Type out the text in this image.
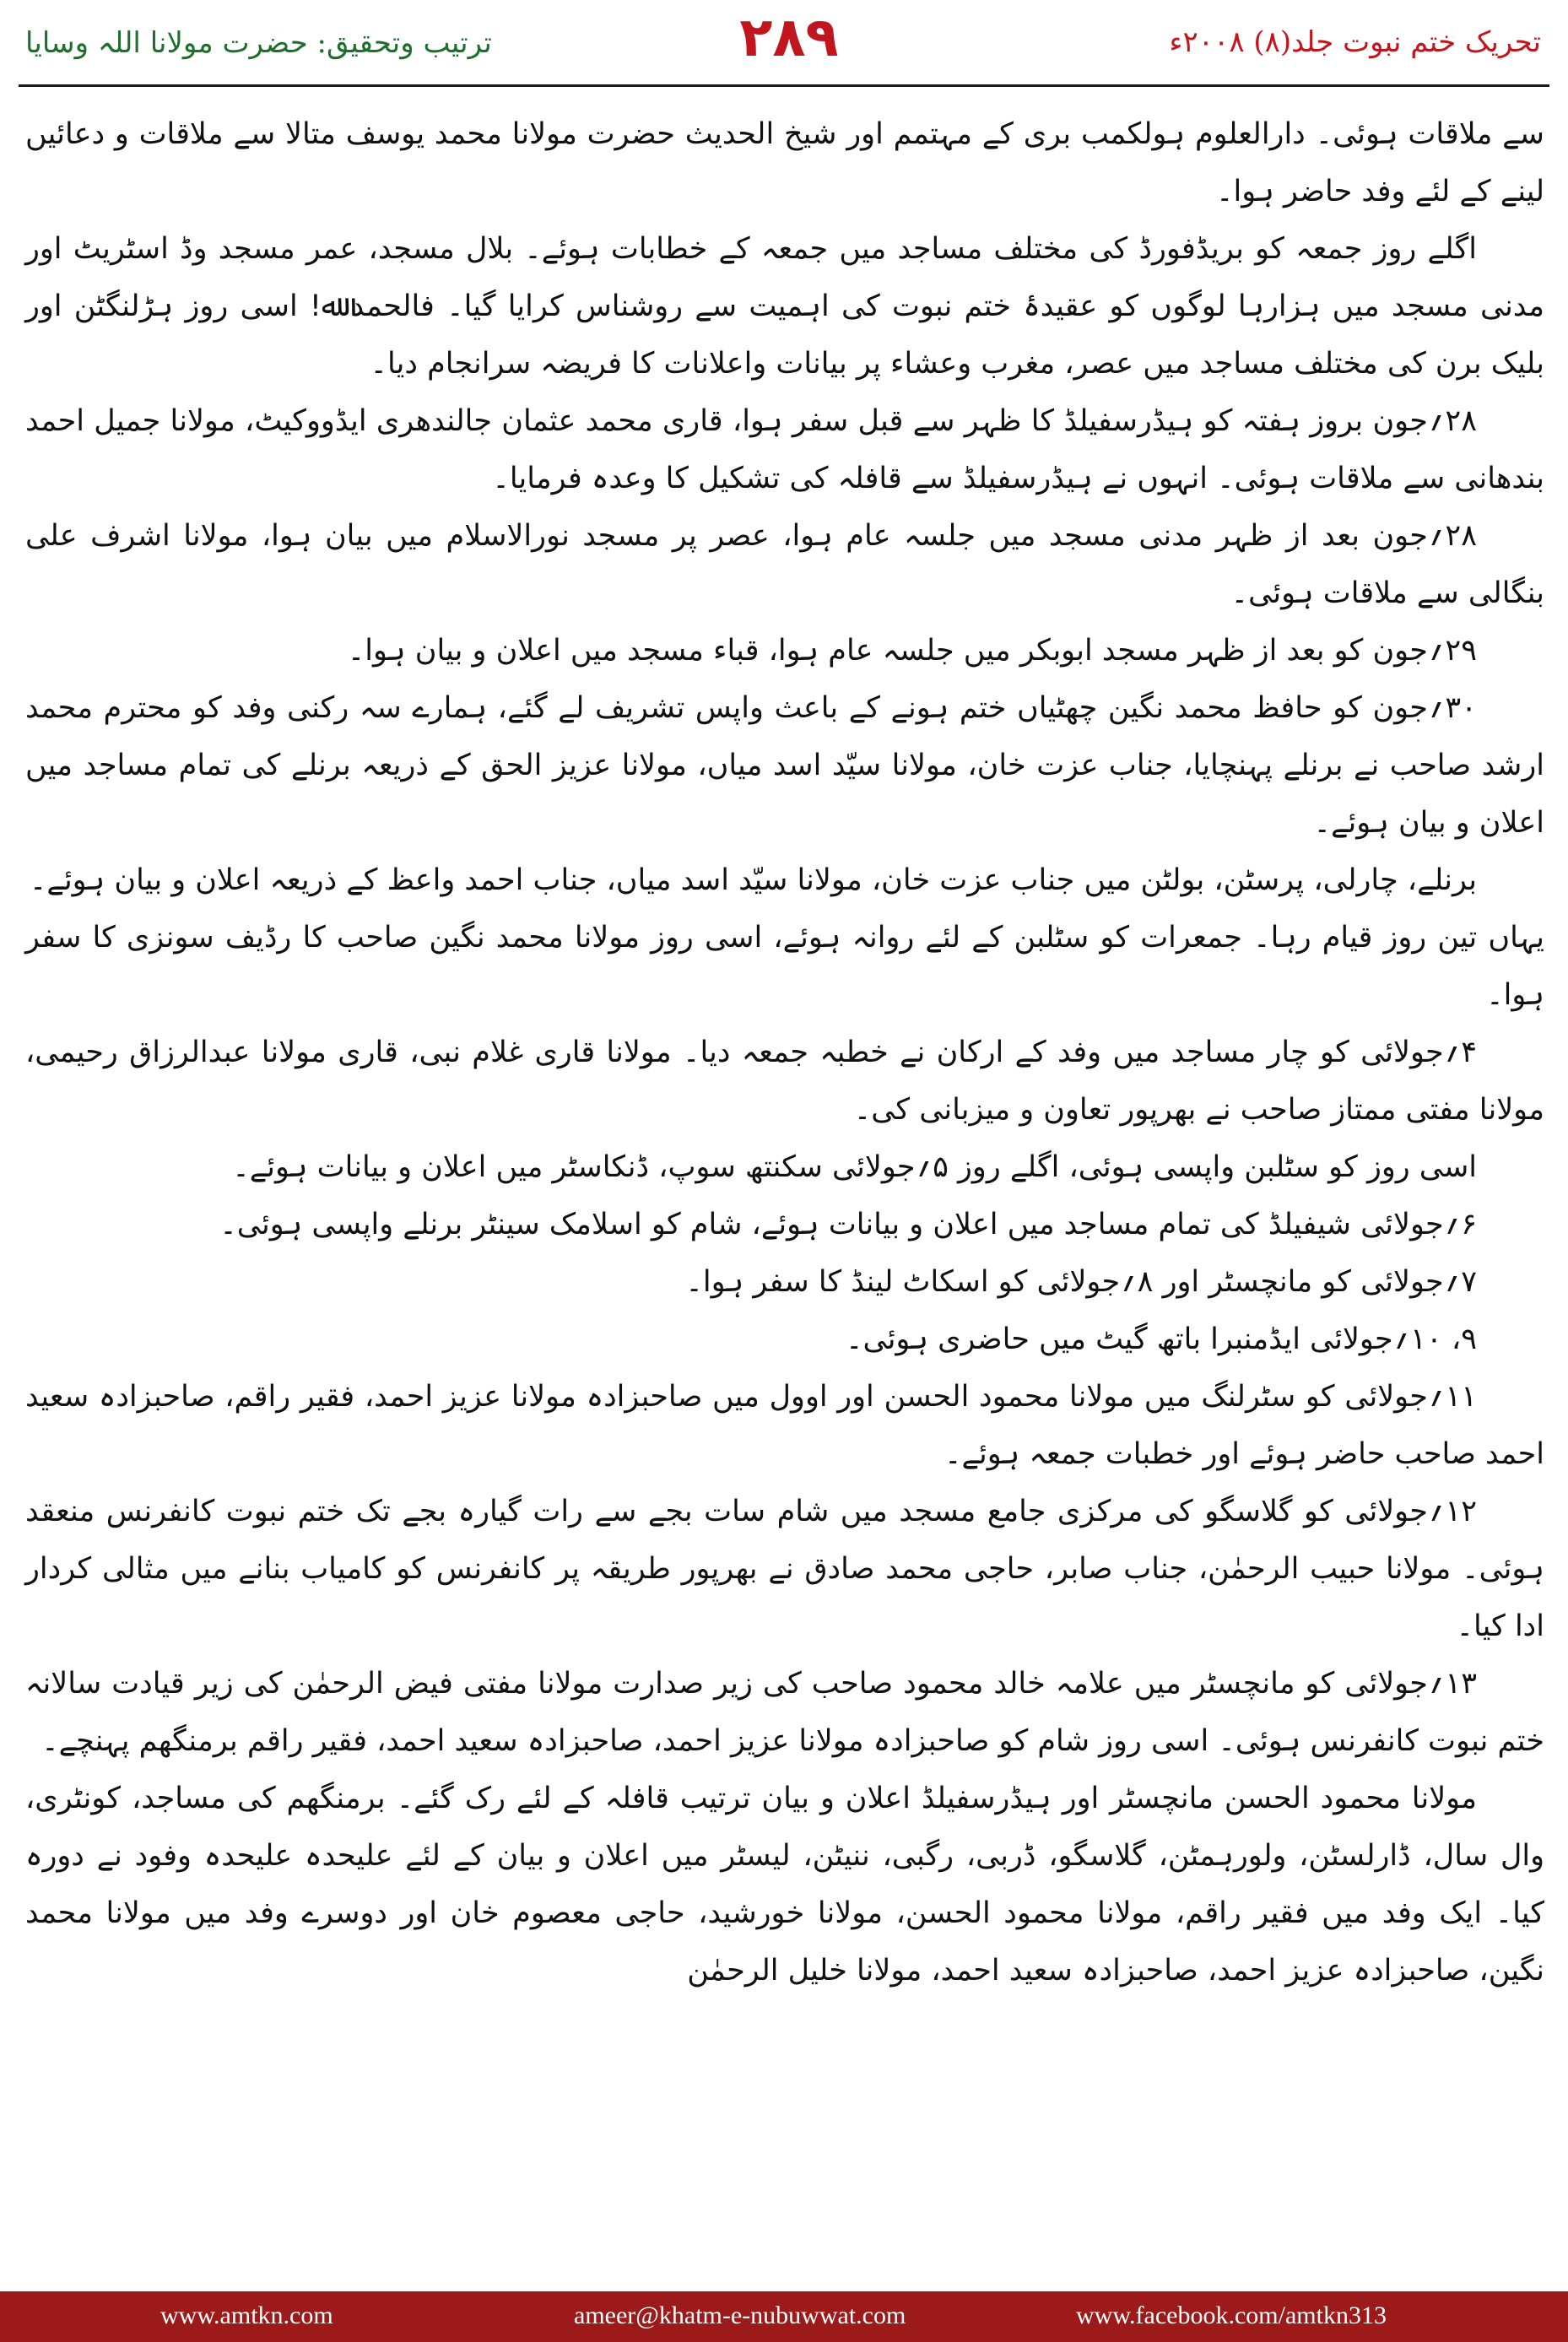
ترتیب وتحقیق: حضرت مولانا اللہ وسایا	۲۸۹	تحریک ختم نبوت جلد(۸) ۲۰۰۸ء

سے ملاقات ہوئی۔ دارالعلوم ہولکمب بری کے مہتمم اور شیخ الحدیث حضرت مولانا محمد یوسف متالا سے ملاقات و دعائیں لینے کے لئے وفد حاضر ہوا۔

اگلے روز جمعہ کو بریڈفورڈ کی مختلف مساجد میں جمعہ کے خطابات ہوئے۔ بلال مسجد، عمر مسجد وڈ اسٹریٹ اور مدنی مسجد میں ہزارہا لوگوں کو عقیدۂ ختم نبوت کی اہمیت سے روشناس کرایا گیا۔ فالحمد ﷲ! اسی روز ہڑلنگٹن اور بلیک برن کی مختلف مساجد میں عصر، مغرب وعشاء پر بیانات واعلانات کا فریضہ سرانجام دیا۔

۲۸؍جون بروز ہفتہ کو ہیڈرسفیلڈ کا ظہر سے قبل سفر ہوا، قاری محمد عثمان جالندھری ایڈووکیٹ، مولانا جمیل احمد بندھانی سے ملاقات ہوئی۔ انہوں نے ہیڈرسفیلڈ سے قافلہ کی تشکیل کا وعدہ فرمایا۔

۲۸؍جون بعد از ظہر مدنی مسجد میں جلسہ عام ہوا، عصر پر مسجد نورالاسلام میں بیان ہوا، مولانا اشرف علی بنگالی سے ملاقات ہوئی۔

۲۹؍جون کو بعد از ظہر مسجد ابوبکر میں جلسہ عام ہوا، قباء مسجد میں اعلان و بیان ہوا۔

۳۰؍جون کو حافظ محمد نگین چھٹیاں ختم ہونے کے باعث واپس تشریف لے گئے، ہمارے سہ رکنی وفد کو محترم محمد ارشد صاحب نے برنلے پہنچایا، جناب عزت خان، مولانا سیّد اسد میاں، مولانا عزیز الحق کے ذریعہ برنلے کی تمام مساجد میں اعلان و بیان ہوئے۔

برنلے، چارلی، پرسٹن، بولٹن میں جناب عزت خان، مولانا سیّد اسد میاں، جناب احمد واعظ کے ذریعہ اعلان و بیان ہوئے۔

یہاں تین روز قیام رہا۔ جمعرات کو سٹلبن کے لئے روانہ ہوئے، اسی روز مولانا محمد نگین صاحب کا رڈیف سونزی کا سفر ہوا۔

۴؍جولائی کو چار مساجد میں وفد کے ارکان نے خطبہ جمعہ دیا۔ مولانا قاری غلام نبی، قاری مولانا عبدالرزاق رحیمی، مولانا مفتی ممتاز صاحب نے بھرپور تعاون و میزبانی کی۔

اسی روز کو سٹلبن واپسی ہوئی، اگلے روز ۵؍جولائی سکنتھ سوپ، ڈنکاسٹر میں اعلان و بیانات ہوئے۔

۶؍جولائی شیفیلڈ کی تمام مساجد میں اعلان و بیانات ہوئے، شام کو اسلامک سینٹر برنلے واپسی ہوئی۔

۷؍جولائی کو مانچسٹر اور ۸؍جولائی کو اسکاٹ لینڈ کا سفر ہوا۔

۹، ۱۰؍جولائی ایڈمنبرا باتھ گیٹ میں حاضری ہوئی۔

۱۱؍جولائی کو سٹرلنگ میں مولانا محمود الحسن اور اوول میں صاحبزادہ مولانا عزیز احمد، فقیر راقم، صاحبزادہ سعید احمد صاحب حاضر ہوئے اور خطبات جمعہ ہوئے۔

۱۲؍جولائی کو گلاسگو کی مرکزی جامع مسجد میں شام سات بجے سے رات گیارہ بجے تک ختم نبوت کانفرنس منعقد ہوئی۔ مولانا حبیب الرحمٰن، جناب صابر، حاجی محمد صادق نے بھرپور طریقہ پر کانفرنس کو کامیاب بنانے میں مثالی کردار ادا کیا۔

۱۳؍جولائی کو مانچسٹر میں علامہ خالد محمود صاحب کی زیر صدارت مولانا مفتی فیض الرحمٰن کی زیر قیادت سالانہ ختم نبوت کانفرنس ہوئی۔ اسی روز شام کو صاحبزادہ مولانا عزیز احمد، صاحبزادہ سعید احمد، فقیر راقم برمنگھم پہنچے۔

مولانا محمود الحسن مانچسٹر اور ہیڈرسفیلڈ اعلان و بیان ترتیب قافلہ کے لئے رک گئے۔ برمنگھم کی مساجد، کونٹری، وال سال، ڈارلسٹن، ولورہمٹن، گلاسگو، ڈربی، رگبی، ننیٹن، لیسٹر میں اعلان و بیان کے لئے علیحدہ علیحدہ وفود نے دورہ کیا۔ ایک وفد میں فقیر راقم، مولانا محمود الحسن، مولانا خورشید، حاجی معصوم خان اور دوسرے وفد میں مولانا محمد نگین، صاحبزادہ عزیز احمد، صاحبزادہ سعید احمد، مولانا خلیل الرحمٰن

www.amtkn.com	ameer@khatm-e-nubuwwat.com	www.facebook.com/amtkn313
